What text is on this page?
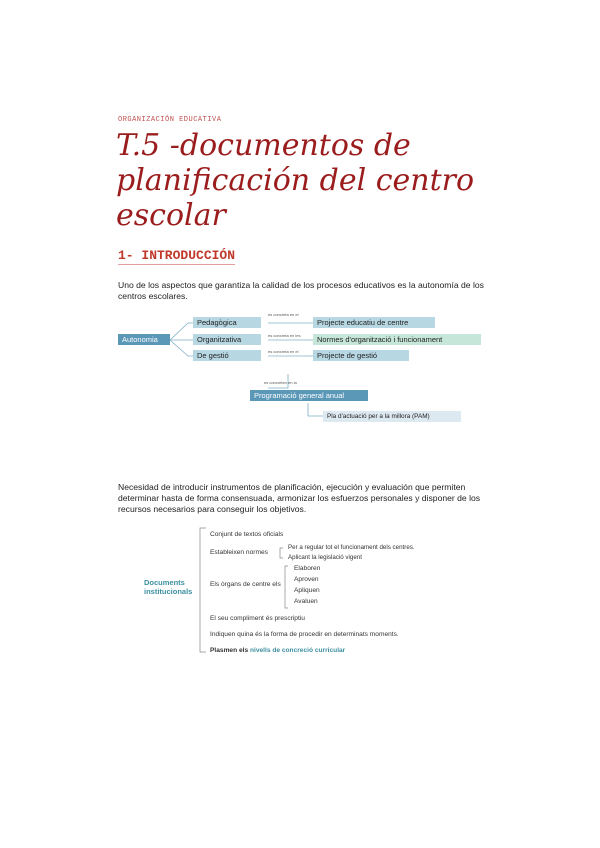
ORGANIZACIÓN EDUCATIVA
T.5 -documentos de planificación del centro escolar
1- INTRODUCCIÓN
Uno de los aspectos que garantiza la calidad de los procesos educativos es la autonomía de los centros escolares.
Autonomia
Pedagògica
Organitzativa
De gestió
es concreta en el
es concreta en les
es concreta en el
Projecte educatiu de centre
Normes d'organització i funcionament
Projecte de gestió
es concreten en la
Programació general anual
Pla d'actuació per a la millora (PAM)
Necesidad de introducir instrumentos de planificación, ejecución y evaluación que permiten determinar hasta de forma consensuada, armonizar los esfuerzos personales y disponer de los recursos necesarios para conseguir los objetivos.
Documents institucionals
Conjunt de textos oficials
Estableixen normes
Per a regular tot el funcionament dels centres.
Aplicant la legislació vigent
Els òrgans de centre els
Elaboren
Aproven
Apliquen
Avaluen
El seu compliment és prescriptiu
Indiquen quina és la forma de procedir en determinats moments.
Plasmen els nivells de concreció curricular
